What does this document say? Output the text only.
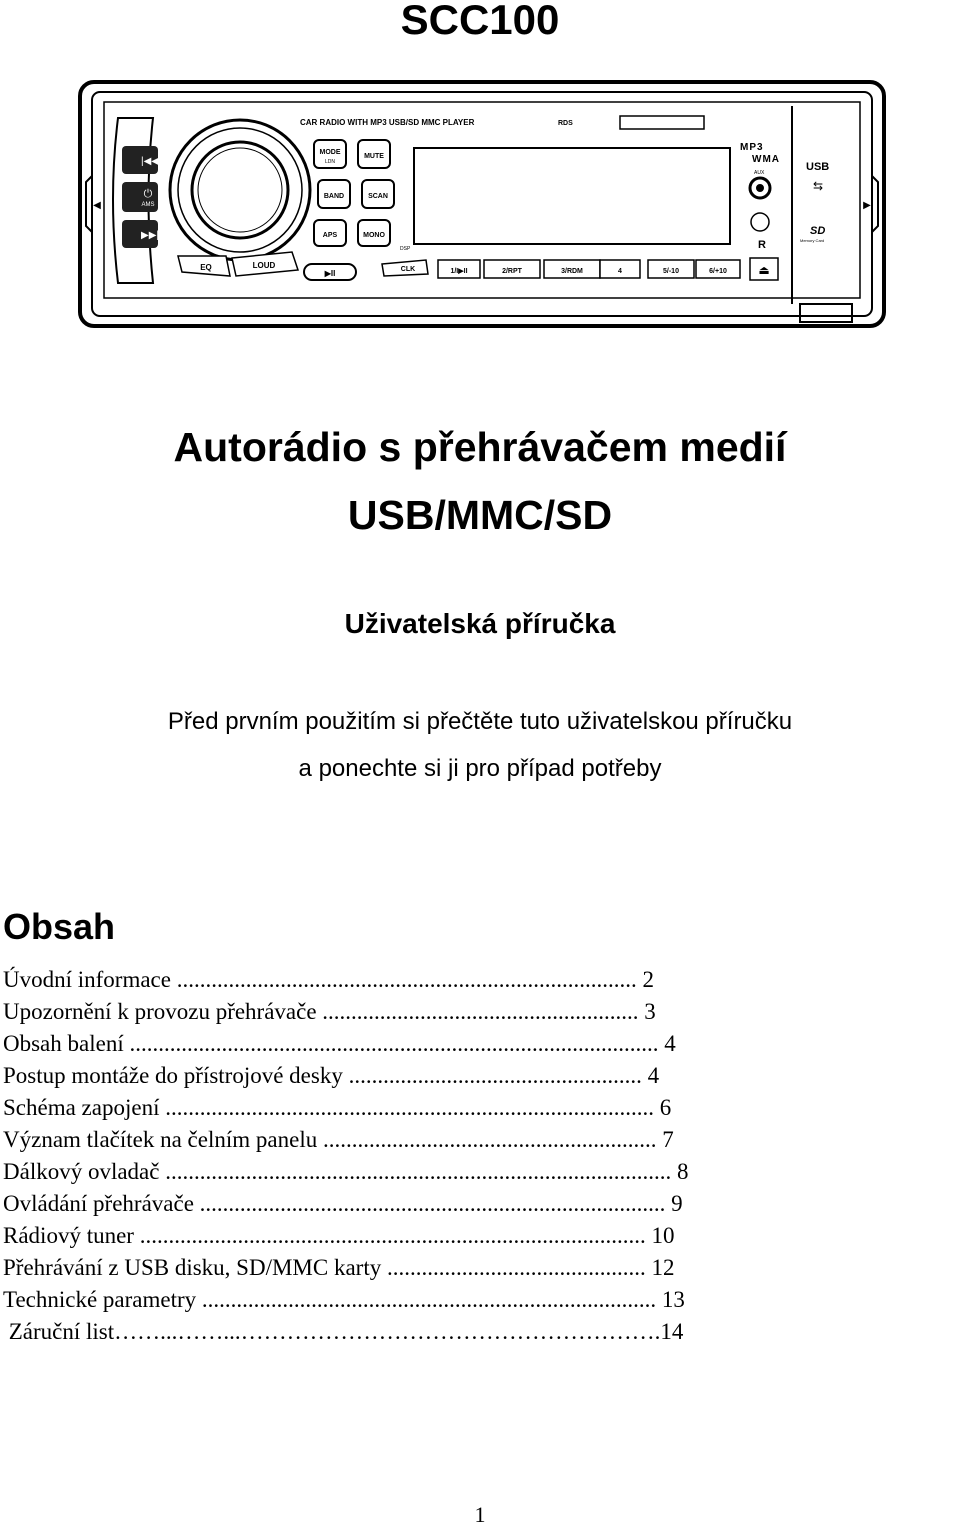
SCC100
◀	▶
|◀◀
⏻
AMS
▶▶|
EQ	LOUD
CAR RADIO WITH MP3 USB/SD MMC PLAYER	RDS
MODE
LDN
MUTE
BAND	SCAN
APS	MONO
DSP
▶II	CLK	1/I▶II	2/RPT	3/RDM	4	5/-10	6/+10	⏏
MP3
WMA
AUX
R
USB
⇆
SD
Memory Card
Autorádio s přehrávačem medií
USB/MMC/SD
Uživatelská příručka
Před prvním použitím si přečtěte tuto uživatelskou příručku
a ponechte si ji pro případ potřeby
Obsah
Úvodní informace ................................................................................ 2
Upozornění k provozu přehrávače ....................................................... 3
Obsah balení ............................................................................................ 4
Postup montáže do přístrojové desky ................................................... 4
Schéma zapojení ..................................................................................... 6
Význam tlačítek na čelním panelu .......................................................... 7
Dálkový ovladač ........................................................................................ 8
Ovládání přehrávače ................................................................................. 9
Rádiový tuner ........................................................................................ 10
Přehrávání z USB disku, SD/MMC karty ............................................. 12
Technické parametry ............................................................................... 13
Záruční list……...……...……………………………………………….14
1
